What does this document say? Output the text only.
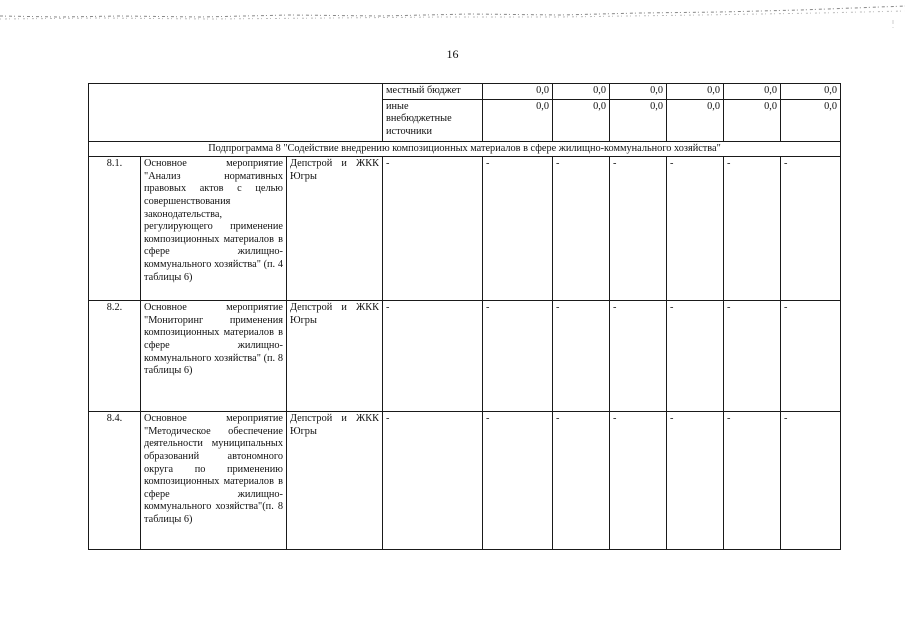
16
			местный бюджет	0,0	0,0	0,0	0,0	0,0	0,0
			иные внебюджетные источники	0,0	0,0	0,0	0,0	0,0	0,0
Подпрограмма 8 "Содействие внедрению композиционных материалов в сфере жилищно-коммунального хозяйства"									
8.1.	Основное мероприятие "Анализ нормативных правовых актов с целью совершенствования законодательства, регулирующего применение композиционных материалов в сфере жилищно-коммунального хозяйства" (п. 4 таблицы 6)	Депстрой и ЖКК Югры	-	-	-	-	-	-	-
8.2.	Основное мероприятие "Мониторинг применения композиционных материалов в сфере жилищно-коммунального хозяйства" (п. 8 таблицы 6)	Депстрой и ЖКК Югры	-	-	-	-	-	-	-
8.4.	Основное мероприятие "Методическое обеспечение деятельности муниципальных образований автономного округа по применению композиционных материалов в сфере жилищно-коммунального хозяйства"(п. 8 таблицы 6)	Депстрой и ЖКК Югры	-	-	-	-	-	-	-
